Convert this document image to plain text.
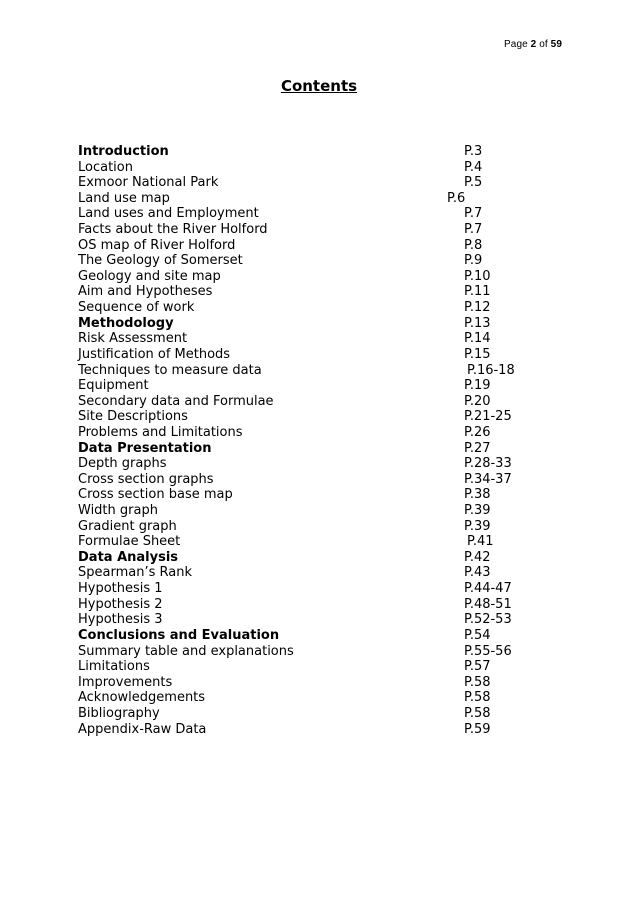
Page 2 of 59
Contents
Introduction	P.3
Location	P.4
Exmoor National Park	P.5
Land use map	P.6
Land uses and Employment	P.7
Facts about the River Holford	P.7
OS map of River Holford	P.8
The Geology of Somerset	P.9
Geology and site map	P.10
Aim and Hypotheses	P.11
Sequence of work	P.12
Methodology	P.13
Risk Assessment	P.14
Justification of Methods	P.15
Techniques to measure data	P.16-18
Equipment	P.19
Secondary data and Formulae	P.20
Site Descriptions	P.21-25
Problems and Limitations	P.26
Data Presentation	P.27
Depth graphs	P.28-33
Cross section graphs	P.34-37
Cross section base map	P.38
Width graph	P.39
Gradient graph	P.39
Formulae Sheet	P.41
Data Analysis	P.42
Spearman’s Rank	P.43
Hypothesis 1	P.44-47
Hypothesis 2	P.48-51
Hypothesis 3	P.52-53
Conclusions and Evaluation	P.54
Summary table and explanations	P.55-56
Limitations	P.57
Improvements	P.58
Acknowledgements	P.58
Bibliography	P.58
Appendix-Raw Data	P.59
